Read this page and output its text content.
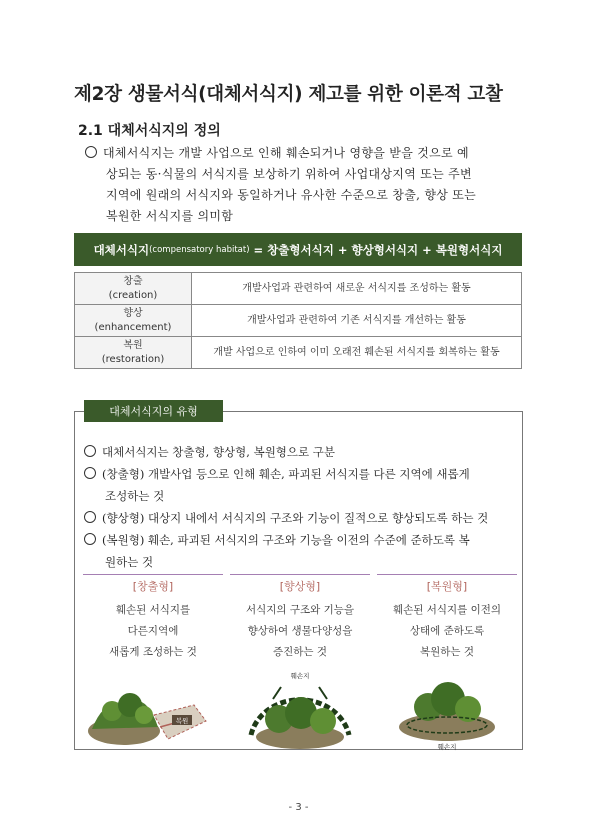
제2장 생물서식(대체서식지) 제고를 위한 이론적 고찰
2.1 대체서식지의 정의
대체서식지는 개발 사업으로 인해 훼손되거나 영향을 받을 것으로 예
상되는 동·식물의 서식지를 보상하기 위하여 사업대상지역 또는 주변
지역에 원래의 서식지와 동일하거나 유사한 수준으로 창출, 향상 또는
복원한 서식지를 의미함
대체서식지 (compensatory habitat) = 창출형서식지 + 향상형서식지 + 복원형서식지
창출
(creation)	개발사업과 관련하여 새로운 서식지를 조성하는 활동

향상
(enhancement)	개발사업과 관련하여 기존 서식지를 개선하는 활동

복원
(restoration)	개발 사업으로 인하여 이미 오래전 훼손된 서식지를 회복하는 활동
대체서식지의 유형
대체서식지는 창출형, 향상형, 복원형으로 구분
(창출형) 개발사업 등으로 인해 훼손, 파괴된 서식지를 다른 지역에 새롭게
조성하는 것
(향상형) 대상지 내에서 서식지의 구조와 기능이 질적으로 향상되도록 하는 것
(복원형) 훼손, 파괴된 서식지의 구조와 기능을 이전의 수준에 준하도록 복
원하는 것
[창출형]
훼손된 서식지를
다른지역에
새롭게 조성하는 것
복원
[향상형]
서식지의 구조와 기능을
향상하여 생물다양성을
증진하는 것
훼손지
[복원형]
훼손된 서식지를 이전의
상태에 준하도록
복원하는 것
훼손지
- 3 -
